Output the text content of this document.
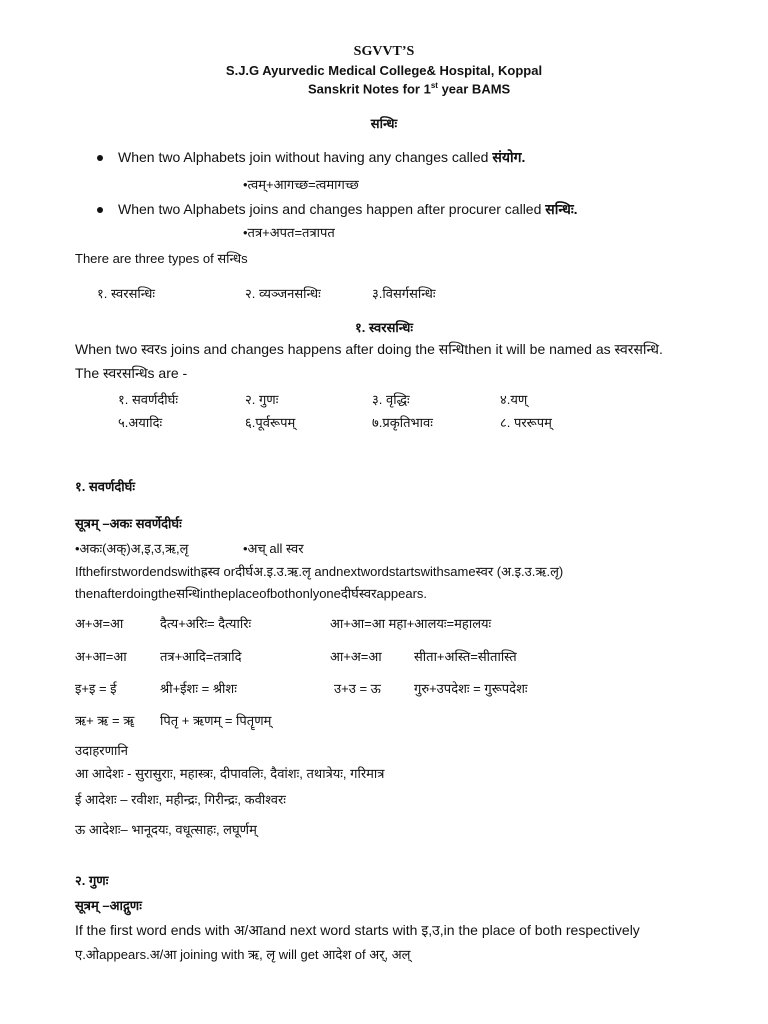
SGVVT’S
S.J.G Ayurvedic Medical College& Hospital, Koppal
Sanskrit Notes for 1st year BAMS
सन्धिः
When two Alphabets join without having any changes called संयोग.
•त्वम्+आगच्छ=त्वमागच्छ
When two Alphabets joins and changes happen after procurer called सन्धिः.
•तत्र+अपत=तत्रापत
There are three types of सन्धिs
१. स्वरसन्धिः	२. व्यञ्जनसन्धिः	३.विसर्गसन्धिः
१. स्वरसन्धिः
When two स्वरs joins and changes happens after doing the सन्धिthen it will be named as स्वरसन्धि.
The स्वरसन्धिs are -
१. सवर्णदीर्घः	२. गुणः	३. वृद्धिः	४.यण्
५.अयादिः	६.पूर्वरूपम्	७.प्रकृतिभावः	८. पररूपम्
१. सवर्णदीर्घः
सूत्रम् –अकः सवर्णेदीर्घः
•अकः(अक्)अ,इ,उ,ऋ,लृ	•अच् all स्वर
Ifthefirstwordendswithह्रस्व orदीर्घअ.इ.उ.ऋ.लृ andnextwordstartswithsameस्वर (अ.इ.उ.ऋ.लृ)
thenafterdoingtheसन्धिintheplaceofbothonlyoneदीर्घस्वरappears.
अ+अ=आ	दैत्य+अरिः= दैत्यारिः	आ+आ=आ महा+आलयः=महालयः
अ+आ=आ	तत्र+आदि=तत्रादि	आ+अ=आ सीता+अस्ति=सीतास्ति
इ+इ = ई	श्री+ईशः = श्रीशः	उ+उ = ऊ	गुरु+उपदेशः = गुरूपदेशः
ऋ+ ऋ = ॠ पितृ + ऋणम् = पितॄणम्
उदाहरणानि
आ आदेशः - सुरासुराः, महास्त्रः, दीपावलिः, दैवांशः, तथात्रेयः, गरिमात्र
ई आदेशः – रवीशः, महीन्द्रः, गिरीन्द्रः, कवीश्वरः
ऊ आदेशः– भानूदयः, वधूत्साहः, लघूर्णम्
२. गुणः
सूत्रम् –आद्गुणः
If the first word ends with अ/आand next word starts with इ,उ,in the place of both respectively
ए.ओappears.अ/आ joining with ऋ, लृ will get आदेश of अर्, अल्
